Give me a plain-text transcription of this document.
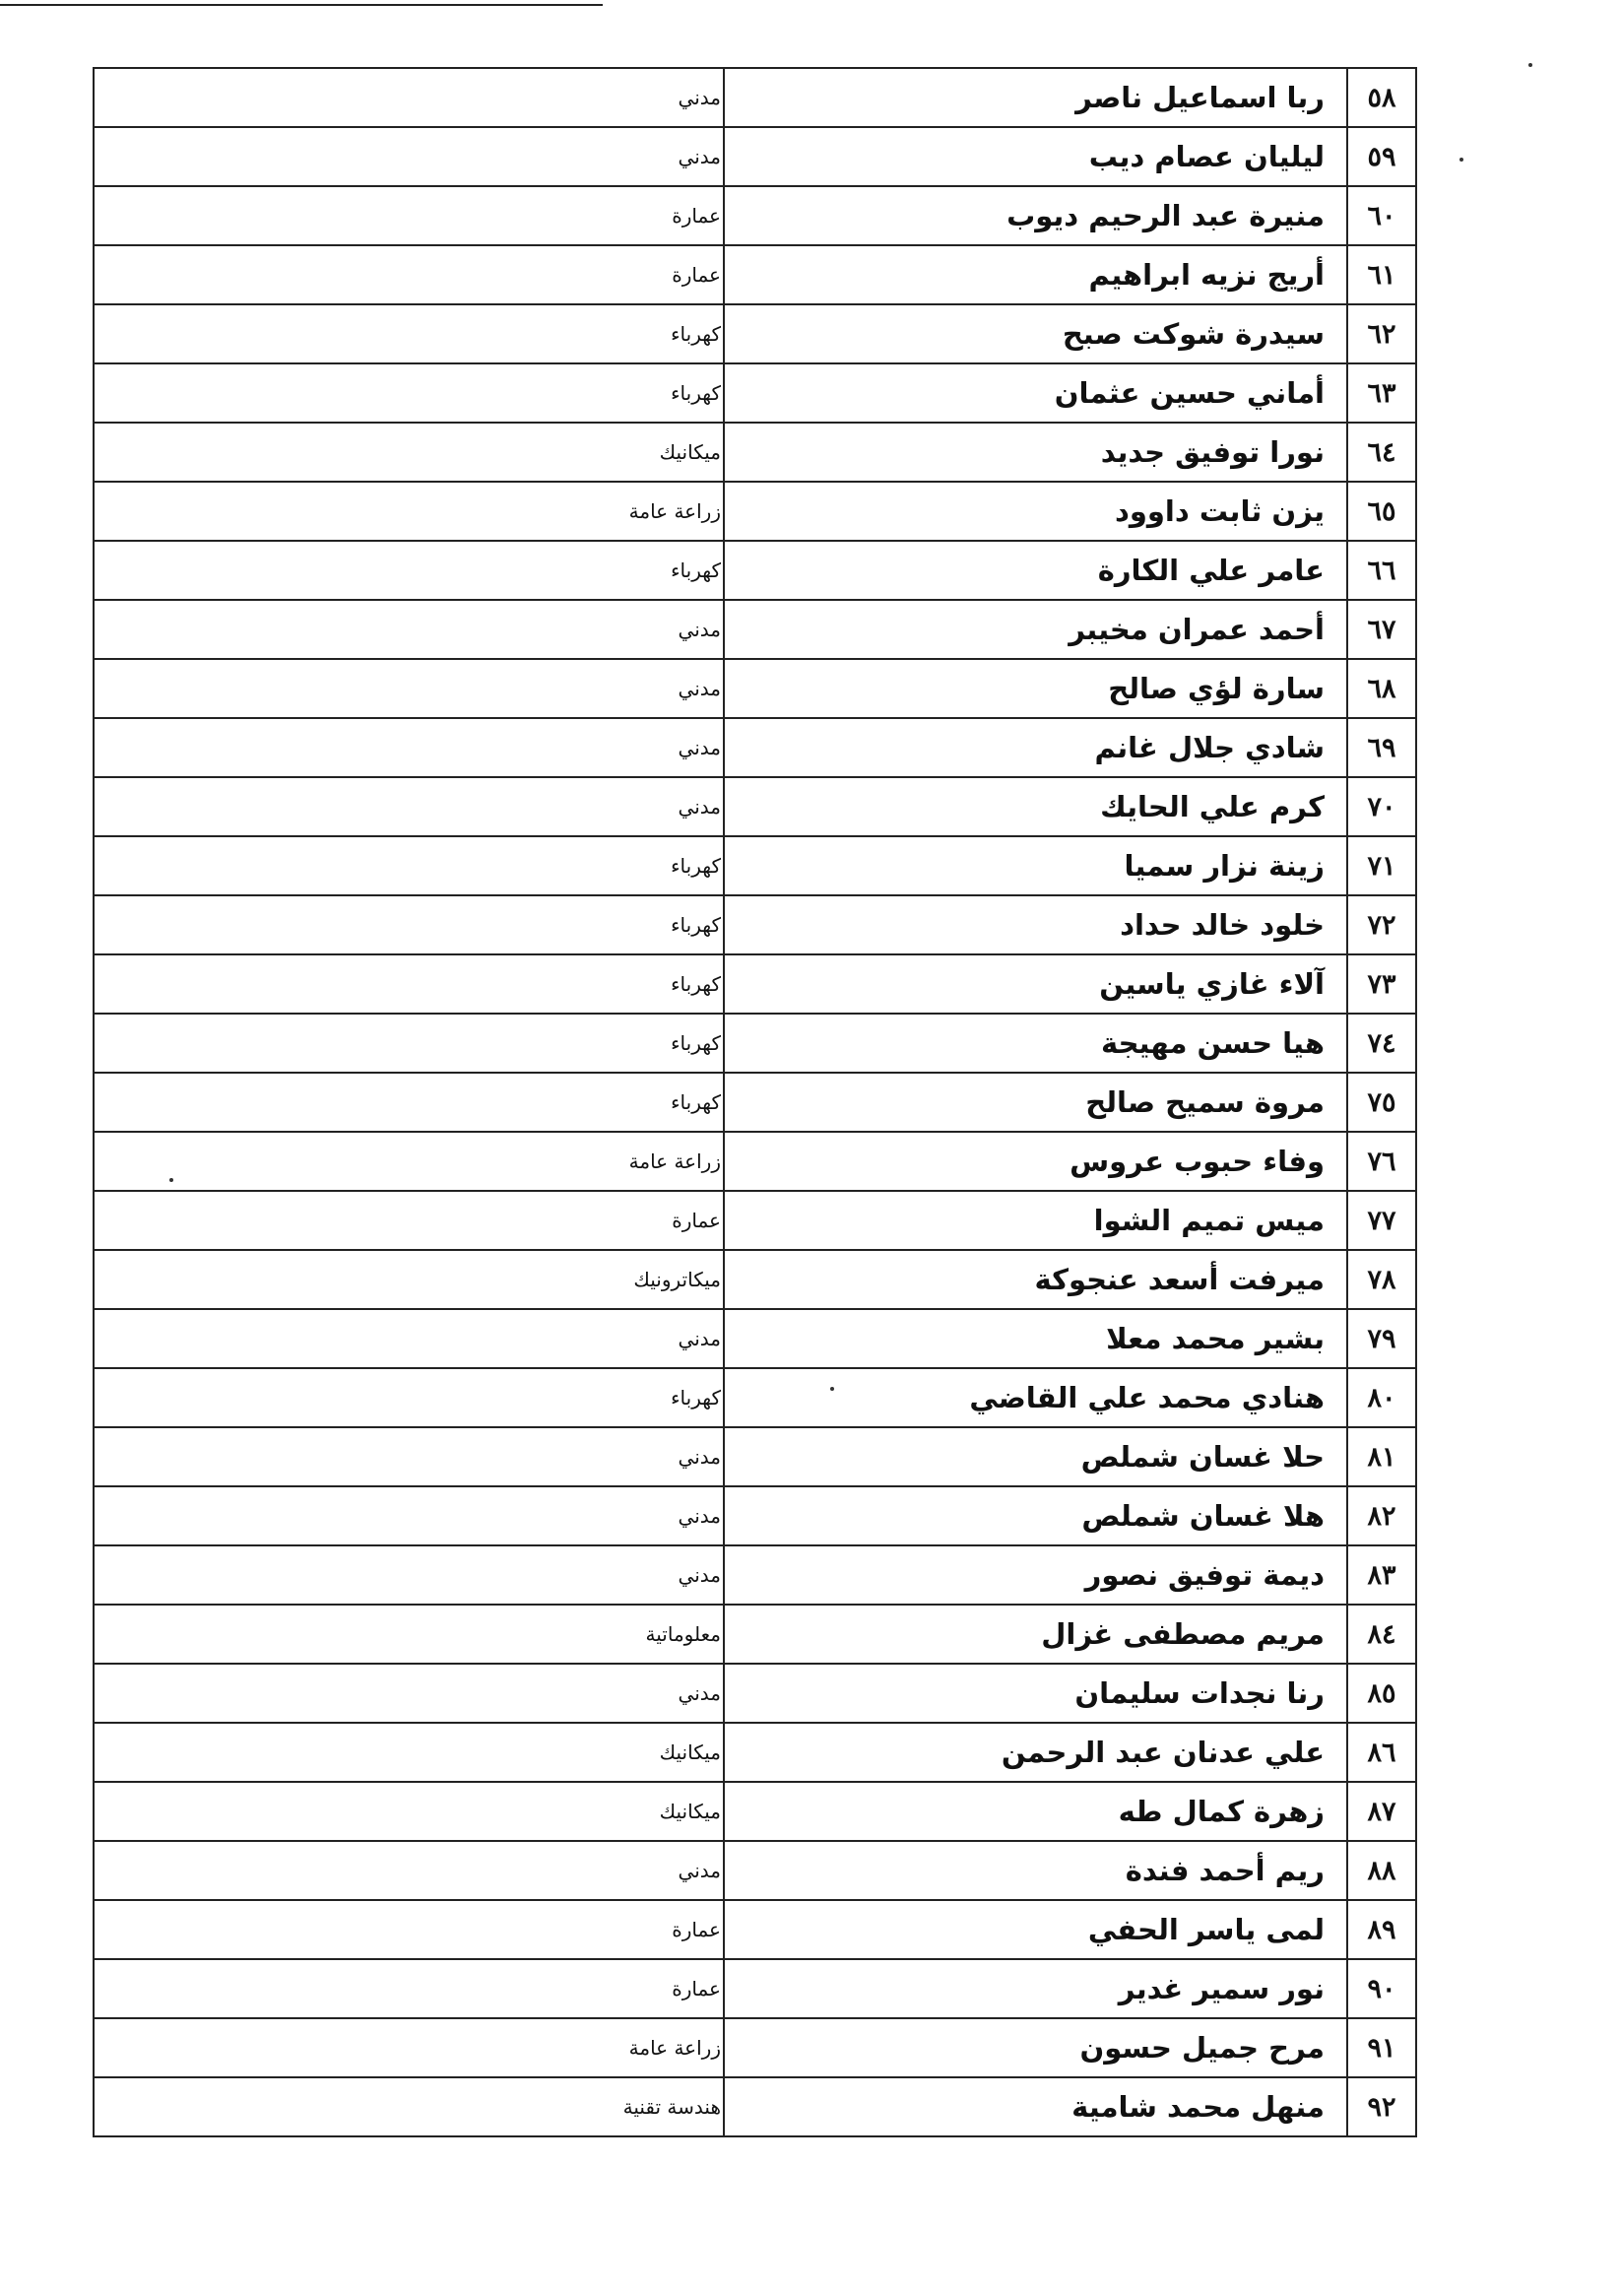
٥٨	ربا اسماعيل ناصر	مدني
٥٩	ليليان عصام ديب	مدني
٦٠	منيرة عبد الرحيم ديوب	عمارة
٦١	أريج نزيه ابراهيم	عمارة
٦٢	سيدرة شوكت صبح	كهرباء
٦٣	أماني حسين عثمان	كهرباء
٦٤	نورا توفيق جديد	ميكانيك
٦٥	يزن ثابت داوود	زراعة عامة
٦٦	عامر علي الكارة	كهرباء
٦٧	أحمد عمران مخيبر	مدني
٦٨	سارة لؤي صالح	مدني
٦٩	شادي جلال غانم	مدني
٧٠	كرم علي الحايك	مدني
٧١	زينة نزار سميا	كهرباء
٧٢	خلود خالد حداد	كهرباء
٧٣	آلاء غازي ياسين	كهرباء
٧٤	هيا حسن مهيجة	كهرباء
٧٥	مروة سميح صالح	كهرباء
٧٦	وفاء حبوب عروس	زراعة عامة
٧٧	ميس تميم الشوا	عمارة
٧٨	ميرفت أسعد عنجوكة	ميكاترونيك
٧٩	بشير محمد معلا	مدني
٨٠	هنادي محمد علي القاضي	كهرباء
٨١	حلا غسان شملص	مدني
٨٢	هلا غسان شملص	مدني
٨٣	ديمة توفيق نصور	مدني
٨٤	مريم مصطفى غزال	معلوماتية
٨٥	رنا نجدات سليمان	مدني
٨٦	علي عدنان عبد الرحمن	ميكانيك
٨٧	زهرة كمال طه	ميكانيك
٨٨	ريم أحمد فندة	مدني
٨٩	لمى ياسر الحفي	عمارة
٩٠	نور سمير غدير	عمارة
٩١	مرح جميل حسون	زراعة عامة
٩٢	منهل محمد شامية	هندسة تقنية
